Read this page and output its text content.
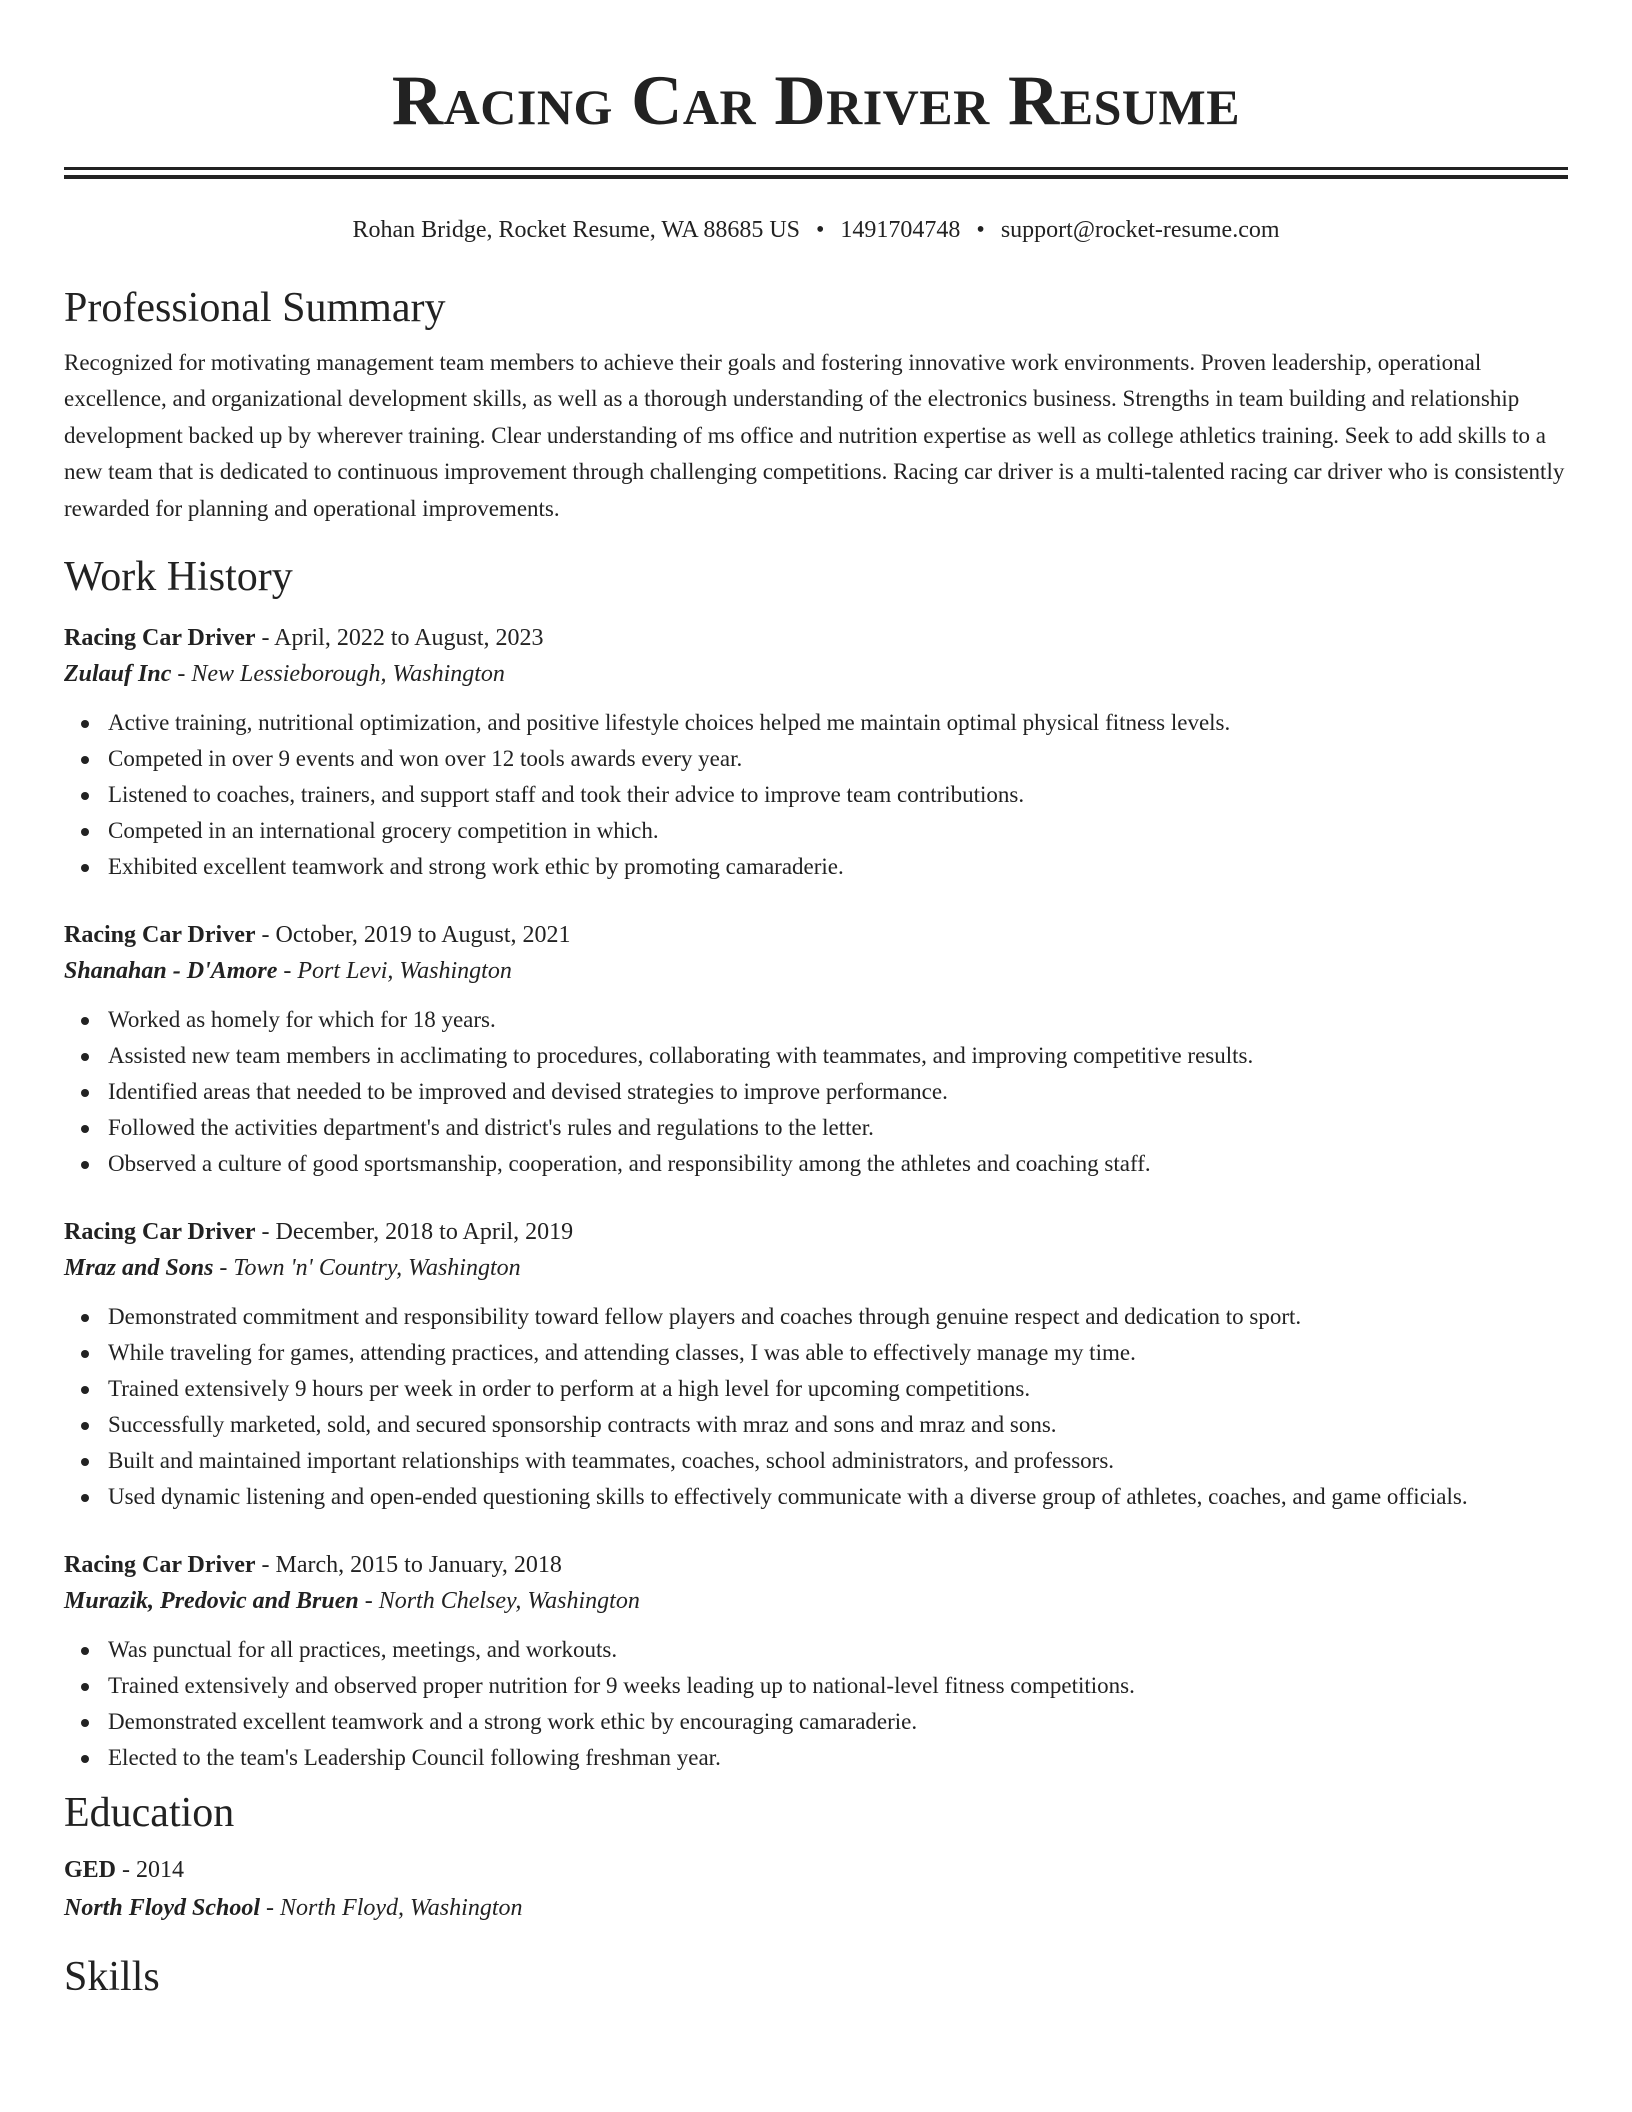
Racing Car Driver Resume
Rohan Bridge, Rocket Resume, WA 88685 US • 1491704748 • support@rocket-resume.com
Professional Summary

Recognized for motivating management team members to achieve their goals and fostering innovative work environments. Proven leadership, operational excellence, and organizational development skills, as well as a thorough understanding of the electronics business. Strengths in team building and relationship development backed up by wherever training. Clear understanding of ms office and nutrition expertise as well as college athletics training. Seek to add skills to a new team that is dedicated to continuous improvement through challenging competitions. Racing car driver is a multi-talented racing car driver who is consistently rewarded for planning and operational improvements.

Work History
Racing Car Driver - April, 2022 to August, 2023
Zulauf Inc - New Lessieborough, Washington
Active training, nutritional optimization, and positive lifestyle choices helped me maintain optimal physical fitness levels.
Competed in over 9 events and won over 12 tools awards every year.
Listened to coaches, trainers, and support staff and took their advice to improve team contributions.
Competed in an international grocery competition in which.
Exhibited excellent teamwork and strong work ethic by promoting camaraderie.
Racing Car Driver - October, 2019 to August, 2021
Shanahan - D'Amore - Port Levi, Washington
Worked as homely for which for 18 years.
Assisted new team members in acclimating to procedures, collaborating with teammates, and improving competitive results.
Identified areas that needed to be improved and devised strategies to improve performance.
Followed the activities department's and district's rules and regulations to the letter.
Observed a culture of good sportsmanship, cooperation, and responsibility among the athletes and coaching staff.
Racing Car Driver - December, 2018 to April, 2019
Mraz and Sons - Town 'n' Country, Washington
Demonstrated commitment and responsibility toward fellow players and coaches through genuine respect and dedication to sport.
While traveling for games, attending practices, and attending classes, I was able to effectively manage my time.
Trained extensively 9 hours per week in order to perform at a high level for upcoming competitions.
Successfully marketed, sold, and secured sponsorship contracts with mraz and sons and mraz and sons.
Built and maintained important relationships with teammates, coaches, school administrators, and professors.
Used dynamic listening and open-ended questioning skills to effectively communicate with a diverse group of athletes, coaches, and game officials.
Racing Car Driver - March, 2015 to January, 2018
Murazik, Predovic and Bruen - North Chelsey, Washington
Was punctual for all practices, meetings, and workouts.
Trained extensively and observed proper nutrition for 9 weeks leading up to national-level fitness competitions.
Demonstrated excellent teamwork and a strong work ethic by encouraging camaraderie.
Elected to the team's Leadership Council following freshman year.
Education
GED - 2014
North Floyd School - North Floyd, Washington
Skills
